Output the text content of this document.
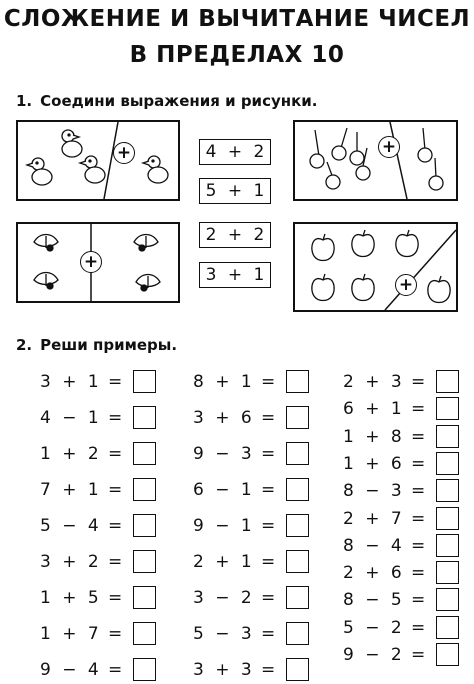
СЛОЖЕНИЕ И ВЫЧИТАНИЕ ЧИСЕЛ
В ПРЕДЕЛАХ 10
1. Соедини выражения и рисунки.
+	+
+
+
4 + 2
5 + 1
2 + 2
3 + 1
2. Реши примеры.
3 + 1 =
4 − 1 =
1 + 2 =
7 + 1 =
5 − 4 =
3 + 2 =
1 + 5 =
1 + 7 =
9 − 4 =
8 + 1 =
3 + 6 =
9 − 3 =
6 − 1 =
9 − 1 =
2 + 1 =
3 − 2 =
5 − 3 =
3 + 3 =
2 + 3 =
6 + 1 =
1 + 8 =
1 + 6 =
8 − 3 =
2 + 7 =
8 − 4 =
2 + 6 =
8 − 5 =
5 − 2 =
9 − 2 =
